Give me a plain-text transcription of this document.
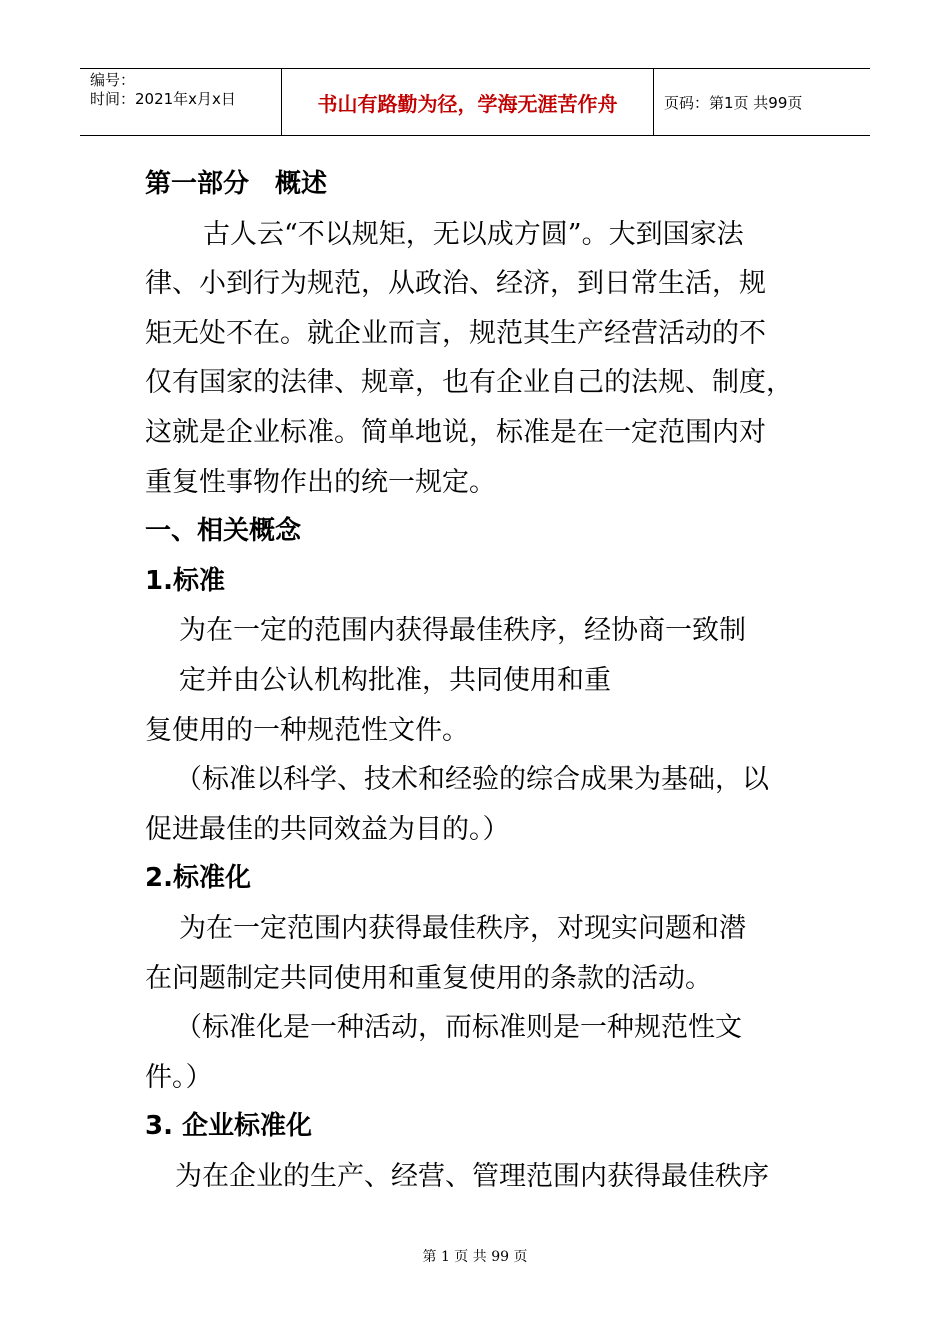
编号：
时间：2021年x月x日	书山有路勤为径，学海无涯苦作舟	页码：第1页 共99页

第一部分　概述

古人云“不以规矩，无以成方圆”。大到国家法

律、小到行为规范，从政治、经济，到日常生活，规

矩无处不在。就企业而言，规范其生产经营活动的不

仅有国家的法律、规章，也有企业自己的法规、制度，

这就是企业标准。简单地说，标准是在一定范围内对

重复性事物作出的统一规定。

一、相关概念

1.标准

为在一定的范围内获得最佳秩序，经协商一致制

定并由公认机构批准，共同使用和重

复使用的一种规范性文件。

（标准以科学、技术和经验的综合成果为基础，以

促进最佳的共同效益为目的。）

2.标准化

为在一定范围内获得最佳秩序，对现实问题和潜

在问题制定共同使用和重复使用的条款的活动。

（标准化是一种活动，而标准则是一种规范性文

件。）

3. 企业标准化

为在企业的生产、经营、管理范围内获得最佳秩序

第 1 页 共 99 页
